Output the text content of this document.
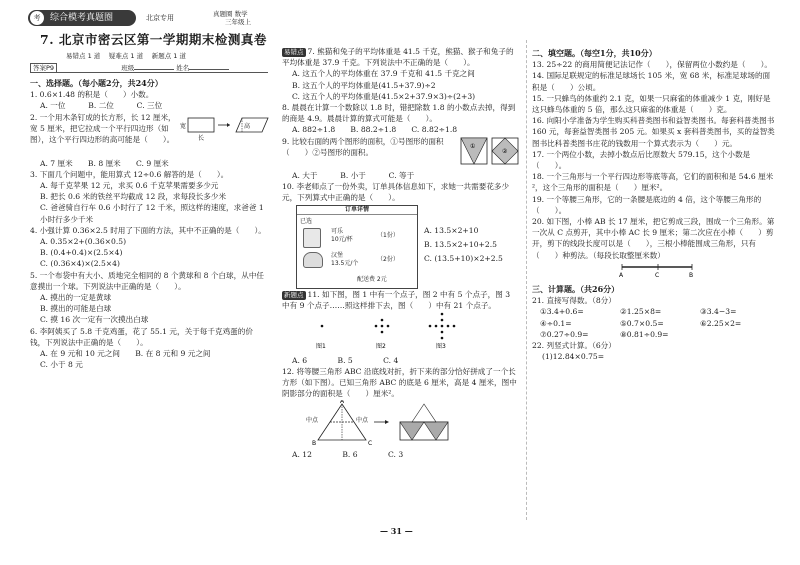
考	综合模考真题圈	北京专用	真题圈 数学
三年级上
7. 北京市密云区第一学期期末检测真卷
易错点 1 道　 疑难点 1 道　 新题点 1 道
答案P9	班级	姓名
一、选择题。（每小题2分，共24分）
1. 0.6×1.48 的积是（　　）小数。
A. 一位　　　B. 二位　　　C. 三位
2. 一个用木条钉成的长方形，长 12 厘米，宽 5 厘米，把它拉成一个平行四边形（如图），这个平行四边形的高可能是（　　）。
宽
长
高
A. 7 厘米　　B. 8 厘米　　C. 9 厘米
3. 下面几个问题中，能用算式 12÷0.6 解答的是（　　）。
A. 每千克苹果 12 元，求买 0.6 千克苹果需要多少元
B. 把长 0.6 米的铁丝平均截成 12 段，求每段长多少米
C. 爸爸骑自行车 0.6 小时行了 12 千米，照这样的速度，求爸爸 1 小时行多少千米
4. 小强计算 0.36×2.5 时用了下面的方法，其中不正确的是（　　）。
A. 0.35×2+(0.36×0.5)
B. (0.4+0.4)×(2.5×4)
C. (0.36×4)×(2.5×4)
5. 一个布袋中有大小、质地完全相同的 8 个黄球和 8 个白球，从中任意摸出一个球。下列说法中正确的是（　　）。
A. 摸出的一定是黄球
B. 摸出的可能是白球
C. 摸 16 次一定有一次摸出白球
6. 李阿姨买了 5.8 千克鸡蛋，花了 55.1 元，关于每千克鸡蛋的价钱，下列说法中正确的是（　　）。
A. 在 9 元和 10 元之间　　 B. 在 8 元和 9 元之间
C. 小于 8 元
易错点 7. 熊猫和兔子的平均体重是 41.5 千克，熊猫、猴子和兔子的平均体重是 37.9 千克。下列说法中不正确的是（　　）。
A. 这五个人的平均体重在 37.9 千克和 41.5 千克之间
B. 这五个人的平均体重是(41.5+37.9)÷2
C. 这五个人的平均体重是(41.5×2+37.9×3)÷(2+3)
8. 晨晨在计算一个数除以 1.8 时，错把除数 1.8 的小数点去掉，得到的商是 4.9。晨晨计算的算式可能是（　　）。
A. 882÷1.8　　B. 88.2÷1.8　　C. 8.82÷1.8
9. 比较右面的两个图形的面积，①号图形的面积（　　）②号图形的面积。
①
②
A. 大于　　　B. 小于　　　C. 等于
10. 李老师点了一份外卖，订单具体信息如下，求她一共需要花多少元，下列算式中正确的是（　　）。
订单详情
已选
可乐
10元/杯
（1份）
汉堡
13.5元/个
（2份）
配送费 2元
A. 13.5×2+10
B. 13.5×2+10+2.5
C. (13.5+10)×2+2.5
新题点 11. 如下图，图 1 中有一个点子，图 2 中有 5 个点子，图 3 中有 9 个点子……照这样排下去，图（　　）中有 21 个点子。
图1	图2	图3
A. 6　　　　B. 5　　　　C. 4
12. 将等腰三角形 ABC 沿底线对折，折下来的部分恰好拼成了一个长方形（如下图）。已知三角形 ABC 的底是 6 厘米，高是 4 厘米，图中阴影部分的面积是（　　）厘米²。
中点	中点
A
B	C
A. 12　　　　B. 6　　　　C. 3
二、填空题。（每空1分，共10分）
13. 25÷22 的商用简便记法记作（　　），保留两位小数约是（　　）。
14. 国际足联规定的标准足球场长 105 米，宽 68 米，标准足球场的面积是（　　）公顷。
15. 一只蜂鸟的体重约 2.1 克，如果一只麻雀的体重减少 1 克，刚好是这只蜂鸟体重的 5 倍，那么这只麻雀的体重是（　　）克。
16. 向阳小学准备为学生购买科普类图书和益智类图书。每套科普类图书 160 元，每套益智类图书 205 元。如果买 x 套科普类图书，买的益智类图书比科普类图书庄花的钱数用一个算式表示为（　　）元。
17. 一个两位小数，去掉小数点后比原数大 579.15，这个小数是（　　）。
18. 一个三角形与一个平行四边形等底等高，它们的面积和是 54.6 厘米²，这个三角形的面积是（　　）厘米²。
19. 一个等腰三角形，它的一条腰是底边的 4 倍，这个等腰三角形的（　　）。
20. 如下图，小棒 AB 长 17 厘米，把它剪成三段，围成一个三角形。第一次从 C 点剪开，其中小棒 AC 长 9 厘米；第二次应在小棒（　　）剪开，剪下的线段长度可以是（　　），三根小棒能围成三角形，只有（　　）种剪法。（每段长取整厘米数）
A	C	B
三、计算题。（共26分）
21. 直接写得数。（8分）
①3.4+0.6=	②1.25×8=	③3.4−3=
④÷0.1=	⑤0.7×0.5=	⑥2.25×2=
⑦0.27÷0.9=	⑧0.81÷0.9=
22. 列竖式计算。（6分）
(1)12.84×0.75=
— 31 —
